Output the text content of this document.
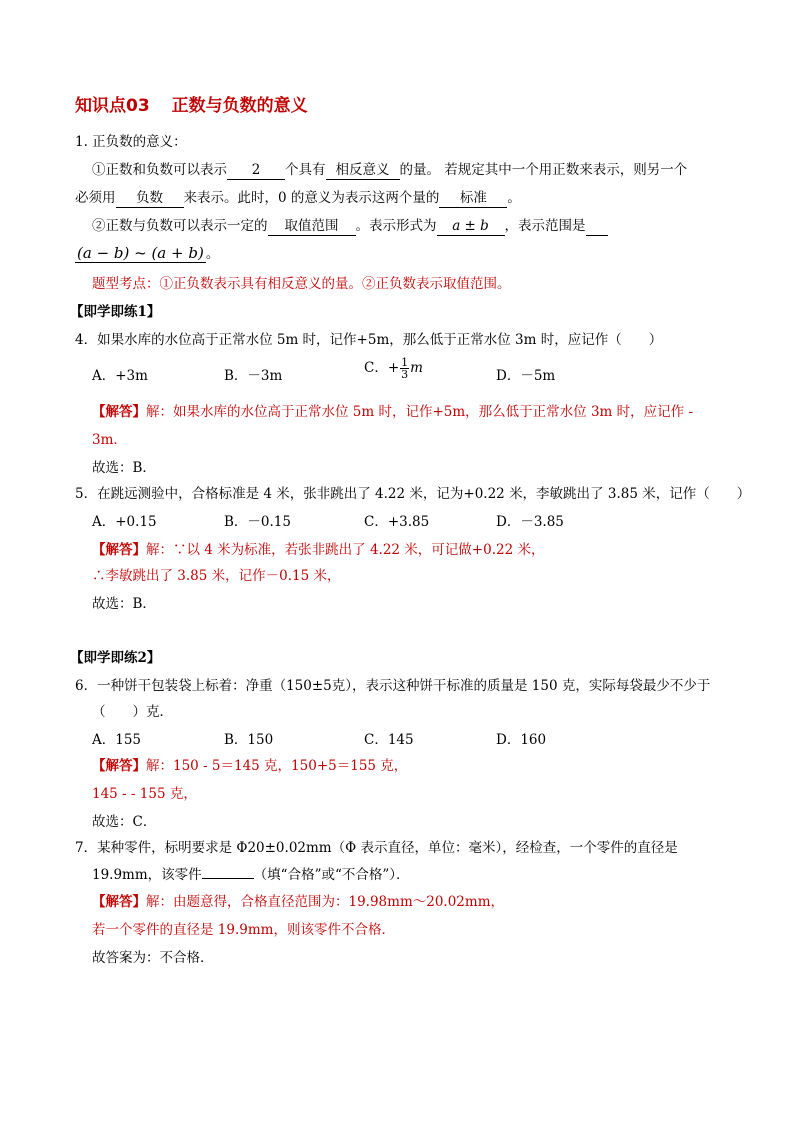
知识点03 正数与负数的意义
1. 正负数的意义：
①正数和负数可以表示 2 个具有 相反意义 的量。 若规定其中一个用正数来表示，则另一个
必须用 负数 来表示。此时，0 的意义为表示这两个量的 标准 。
②正数与负数可以表示一定的 取值范围 。表示形式为 a ± b ，表示范围是
(a − b) ~ (a + b) 。
题型考点：①正负数表示具有相反意义的量。②正负数表示取值范围。
【即学即练1】
4．如果水库的水位高于正常水位 5m 时，记作+5m，那么低于正常水位 3m 时，应记作（　　）
A．+3m	B．－3m	C．+ $\frac{1}{3}$ m	D．－5m
【解答】解：如果水库的水位高于正常水位 5m 时，记作+5m，那么低于正常水位 3m 时，应记作 -
3m．
故选：B．
5．在跳远测验中，合格标准是 4 米，张非跳出了 4.22 米，记为+0.22 米，李敏跳出了 3.85 米，记作（　　）
A．+0.15	B．－0.15	C．+3.85	D．－3.85
【解答】解：∵以 4 米为标准，若张非跳出了 4.22 米，可记做+0.22 米，
∴李敏跳出了 3.85 米，记作－0.15 米，
故选：B．
【即学即练2】
6．一种饼干包装袋上标着：净重（150±5克），表示这种饼干标准的质量是 150 克，实际每袋最少不少于
（　　）克．
A．155	B．150	C．145	D．160
【解答】解：150 - 5＝145 克，150+5＝155 克，
145 - - 155 克，
故选：C．
7．某种零件，标明要求是 Φ20±0.02mm（Φ 表示直径，单位：毫米），经检查，一个零件的直径是
19.9mm，该零件	（填“合格”或“不合格”）．
【解答】解：由题意得，合格直径范围为：19.98mm～20.02mm，
若一个零件的直径是 19.9mm，则该零件不合格．
故答案为：不合格．
